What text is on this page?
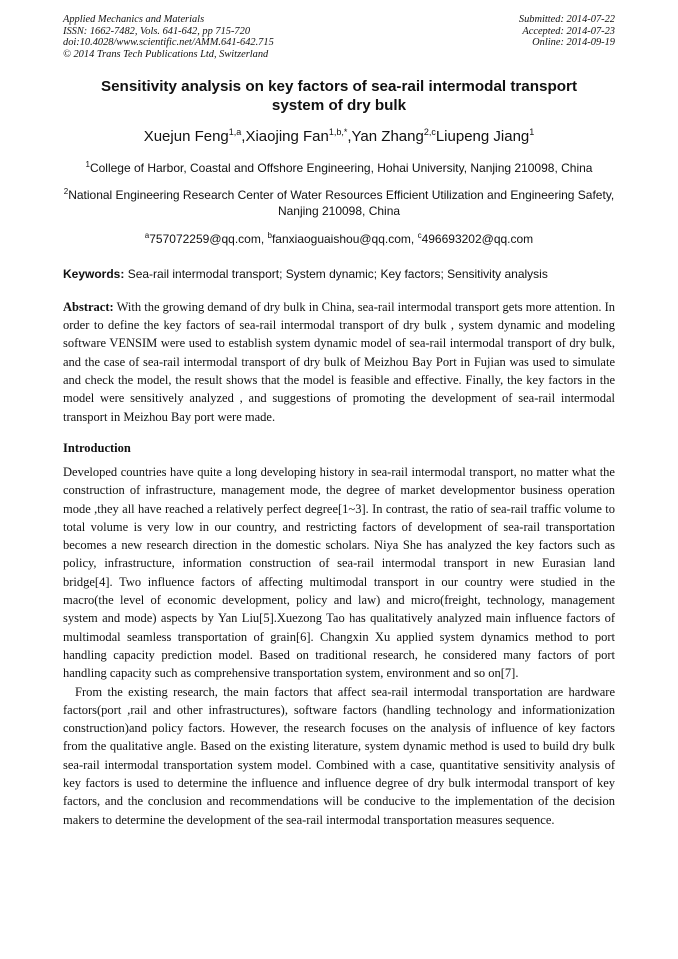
Applied Mechanics and Materials
ISSN: 1662-7482, Vols. 641-642, pp 715-720
doi:10.4028/www.scientific.net/AMM.641-642.715
© 2014 Trans Tech Publications Ltd, Switzerland
Submitted: 2014-07-22
Accepted: 2014-07-23
Online: 2014-09-19
Sensitivity analysis on key factors of sea-rail intermodal transport system of dry bulk
Xuejun Feng$^{1,a}$,Xiaojing Fan$^{1,b,*}$,Yan Zhang$^{2,c}$Liupeng Jiang$^1$
$^1$College of Harbor, Coastal and Offshore Engineering, Hohai University, Nanjing 210098, China
$^2$National Engineering Research Center of Water Resources Efficient Utilization and Engineering Safety, Nanjing 210098, China
$^a$757072259@qq.com, $^b$fanxiaoguaishou@qq.com, $^c$496693202@qq.com
Keywords: Sea-rail intermodal transport; System dynamic; Key factors; Sensitivity analysis
Abstract: With the growing demand of dry bulk in China, sea-rail intermodal transport gets more attention. In order to define the key factors of sea-rail intermodal transport of dry bulk , system dynamic and modeling software VENSIM were used to establish system dynamic model of sea-rail intermodal transport of dry bulk, and the case of sea-rail intermodal transport of dry bulk of Meizhou Bay Port in Fujian was used to simulate and check the model, the result shows that the model is feasible and effective. Finally, the key factors in the model were sensitively analyzed , and suggestions of promoting the development of sea-rail intermodal transport in Meizhou Bay port were made.
Introduction

Developed countries have quite a long developing history in sea-rail intermodal transport, no matter what the construction of infrastructure, management mode, the degree of market developmentor business operation mode ,they all have reached a relatively perfect degree[1~3]. In contrast, the ratio of sea-rail traffic volume to total volume is very low in our country, and restricting factors of development of sea-rail transportation becomes a new research direction in the domestic scholars. Niya She has analyzed the key factors such as policy, infrastructure, information construction of sea-rail intermodal transport in new Eurasian land bridge[4]. Two influence factors of affecting multimodal transport in our country were studied in the macro(the level of economic development, policy and law) and micro(freight, technology, management system and mode) aspects by Yan Liu[5].Xuezong Tao has qualitatively analyzed main influence factors of multimodal seamless transportation of grain[6]. Changxin Xu applied system dynamics method to port handling capacity prediction model. Based on traditional research, he considered many factors of port handling capacity such as comprehensive transportation system, environment and so on[7].

From the existing research, the main factors that affect sea-rail intermodal transportation are hardware factors(port ,rail and other infrastructures), software factors (handling technology and informationization construction)and policy factors. However, the research focuses on the analysis of influence of key factors from the qualitative angle. Based on the existing literature, system dynamic method is used to build dry bulk sea-rail intermodal transportation system model. Combined with a case, quantitative sensitivity analysis of key factors is used to determine the influence and influence degree of dry bulk intermodal transport of key factors, and the conclusion and recommendations will be conducive to the implementation of the decision makers to determine the development of the sea-rail intermodal transportation measures sequence.
